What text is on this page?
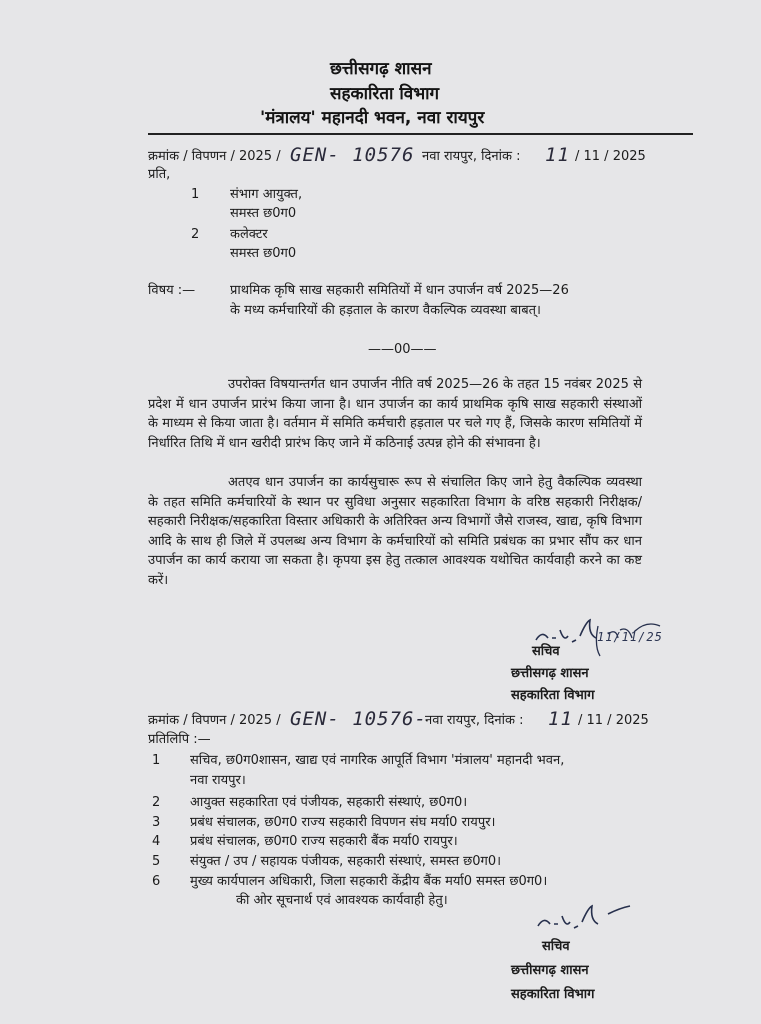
छत्तीसगढ़ शासन
सहकारिता विभाग
'मंत्रालय' महानदी भवन, नवा रायपुर
क्रमांक / विपणन / 2025 / GEN- 10576 नवा रायपुर, दिनांक : 11 / 11 / 2025
प्रति,
1 संभाग आयुक्त,
समस्त छ0ग0
2 कलेक्टर
समस्त छ0ग0
विषय :—	प्राथमिक कृषि साख सहकारी समितियों में धान उपार्जन वर्ष 2025—26
के मध्य कर्मचारियों की हड़ताल के कारण वैकल्पिक व्यवस्था बाबत्।
——00——
उपरोक्त विषयान्तर्गत धान उपार्जन नीति वर्ष 2025—26 के तहत 15 नवंबर 2025 से प्रदेश में धान उपार्जन प्रारंभ किया जाना है। धान उपार्जन का कार्य प्राथमिक कृषि साख सहकारी संस्थाओं के माध्यम से किया जाता है। वर्तमान में समिति कर्मचारी हड़ताल पर चले गए हैं, जिसके कारण समितियों में निर्धारित तिथि में धान खरीदी प्रारंभ किए जाने में कठिनाई उत्पन्न होने की संभावना है।
अतएव धान उपार्जन का कार्यसुचारू रूप से संचालित किए जाने हेतु वैकल्पिक व्यवस्था के तहत समिति कर्मचारियों के स्थान पर सुविधा अनुसार सहकारिता विभाग के वरिष्ठ सहकारी निरीक्षक/सहकारी निरीक्षक/सहकारिता विस्तार अधिकारी के अतिरिक्त अन्य विभागों जैसे राजस्व, खाद्य, कृषि विभाग आदि के साथ ही जिले में उपलब्ध अन्य विभाग के कर्मचारियों को समिति प्रबंधक का प्रभार सौंप कर धान उपार्जन का कार्य कराया जा सकता है। कृपया इस हेतु तत्काल आवश्यक यथोचित कार्यवाही करने का कष्ट करें।
11/11/25
सचिव
छत्तीसगढ़ शासन
सहकारिता विभाग
क्रमांक / विपणन / 2025 / GEN- 10576-
नवा रायपुर, दिनांक : 11 / 11 / 2025
प्रतिलिपि :—
1 सचिव, छ0ग0शासन, खाद्य एवं नागरिक आपूर्ति विभाग 'मंत्रालय' महानदी भवन,
नवा रायपुर।
2 आयुक्त सहकारिता एवं पंजीयक, सहकारी संस्थाएं, छ0ग0।
3 प्रबंध संचालक, छ0ग0 राज्य सहकारी विपणन संघ मर्या0 रायपुर।
4 प्रबंध संचालक, छ0ग0 राज्य सहकारी बैंक मर्या0 रायपुर।
5 संयुक्त / उप / सहायक पंजीयक, सहकारी संस्थाएं, समस्त छ0ग0।
6 मुख्य कार्यपालन अधिकारी, जिला सहकारी केंद्रीय बैंक मर्या0 समस्त छ0ग0।
की ओर सूचनार्थ एवं आवश्यक कार्यवाही हेतु।
सचिव
छत्तीसगढ़ शासन
सहकारिता विभाग
